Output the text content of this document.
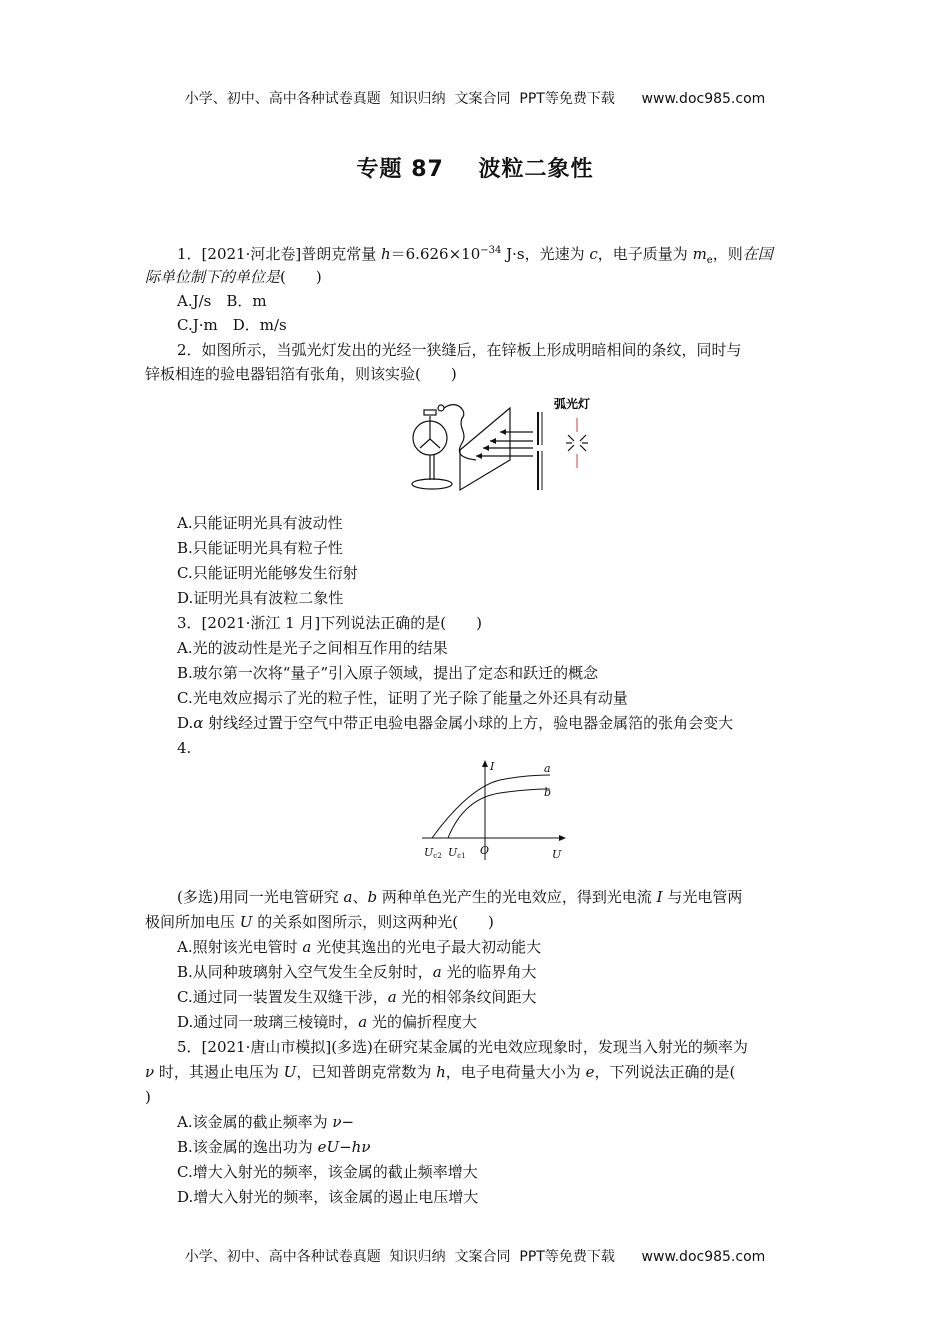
小学、初中、高中各种试卷真题  知识归纳  文案合同  PPT等免费下载      www.doc985.com
专题 87    波粒二象性
1．[2021·河北卷]普朗克常量 $h=6.626\times 10^{-34}$ J·s，光速为 c，电子质量为 $m_e$，则在国
际单位制下的单位是(　　)
A.J/s　B．m
C.J·m　D．m/s
2．如图所示，当弧光灯发出的光经一狭缝后，在锌板上形成明暗相间的条纹，同时与
锌板相连的验电器铝箔有张角，则该实验(　　)
弧光灯
A.只能证明光具有波动性
B.只能证明光具有粒子性
C.只能证明光能够发生衍射
D.证明光具有波粒二象性
3．[2021·浙江 1 月]下列说法正确的是(　　)
A.光的波动性是光子之间相互作用的结果
B.玻尔第一次将“量子”引入原子领域，提出了定态和跃迁的概念
C.光电效应揭示了光的粒子性，证明了光子除了能量之外还具有动量
D.α 射线经过置于空气中带正电验电器金属小球的上方，验电器金属箔的张角会变大
4.
I
U
O
a
b
Uc2 Uc1
(多选)用同一光电管研究 a、b 两种单色光产生的光电效应，得到光电流 I 与光电管两
极间所加电压 U 的关系如图所示，则这两种光(　　)
A.照射该光电管时 a 光使其逸出的光电子最大初动能大
B.从同种玻璃射入空气发生全反射时，a 光的临界角大
C.通过同一装置发生双缝干涉，a 光的相邻条纹间距大
D.通过同一玻璃三棱镜时，a 光的偏折程度大
5．[2021·唐山市模拟](多选)在研究某金属的光电效应现象时，发现当入射光的频率为
ν 时，其遏止电压为 U，已知普朗克常数为 h，电子电荷量大小为 e，下列说法正确的是(
)
A.该金属的截止频率为 ν−
B.该金属的逸出功为 eU−hν
C.增大入射光的频率，该金属的截止频率增大
D.增大入射光的频率，该金属的遏止电压增大
小学、初中、高中各种试卷真题  知识归纳  文案合同  PPT等免费下载      www.doc985.com
